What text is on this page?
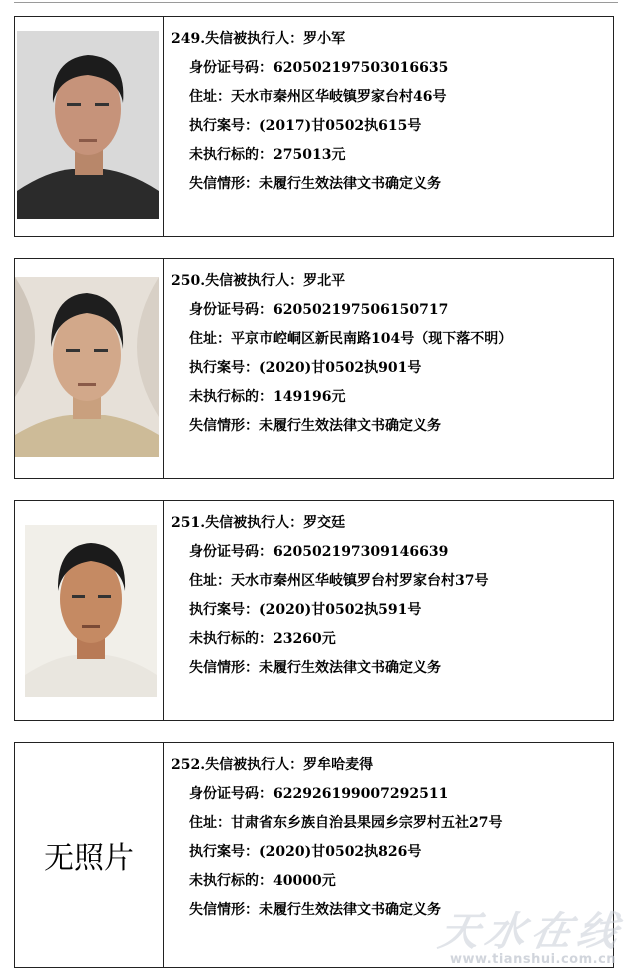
249.失信被执行人：罗小军
身份证号码：620502197503016635
住址：天水市秦州区华岐镇罗家台村46号
执行案号：(2017)甘0502执615号
未执行标的：275013元
失信情形：未履行生效法律文书确定义务
250.失信被执行人：罗北平
身份证号码：620502197506150717
住址：平京市崆峒区新民南路104号（现下落不明）
执行案号：(2020)甘0502执901号
未执行标的：149196元
失信情形：未履行生效法律文书确定义务
251.失信被执行人：罗交廷
身份证号码：620502197309146639
住址：天水市秦州区华岐镇罗台村罗家台村37号
执行案号：(2020)甘0502执591号
未执行标的：23260元
失信情形：未履行生效法律文书确定义务
无照片
252.失信被执行人：罗牟哈麦得
身份证号码：622926199007292511
住址：甘肃省东乡族自治县果园乡宗罗村五社27号
执行案号：(2020)甘0502执826号
未执行标的：40000元
失信情形：未履行生效法律文书确定义务
天水在线
www.tianshui.com.cn
